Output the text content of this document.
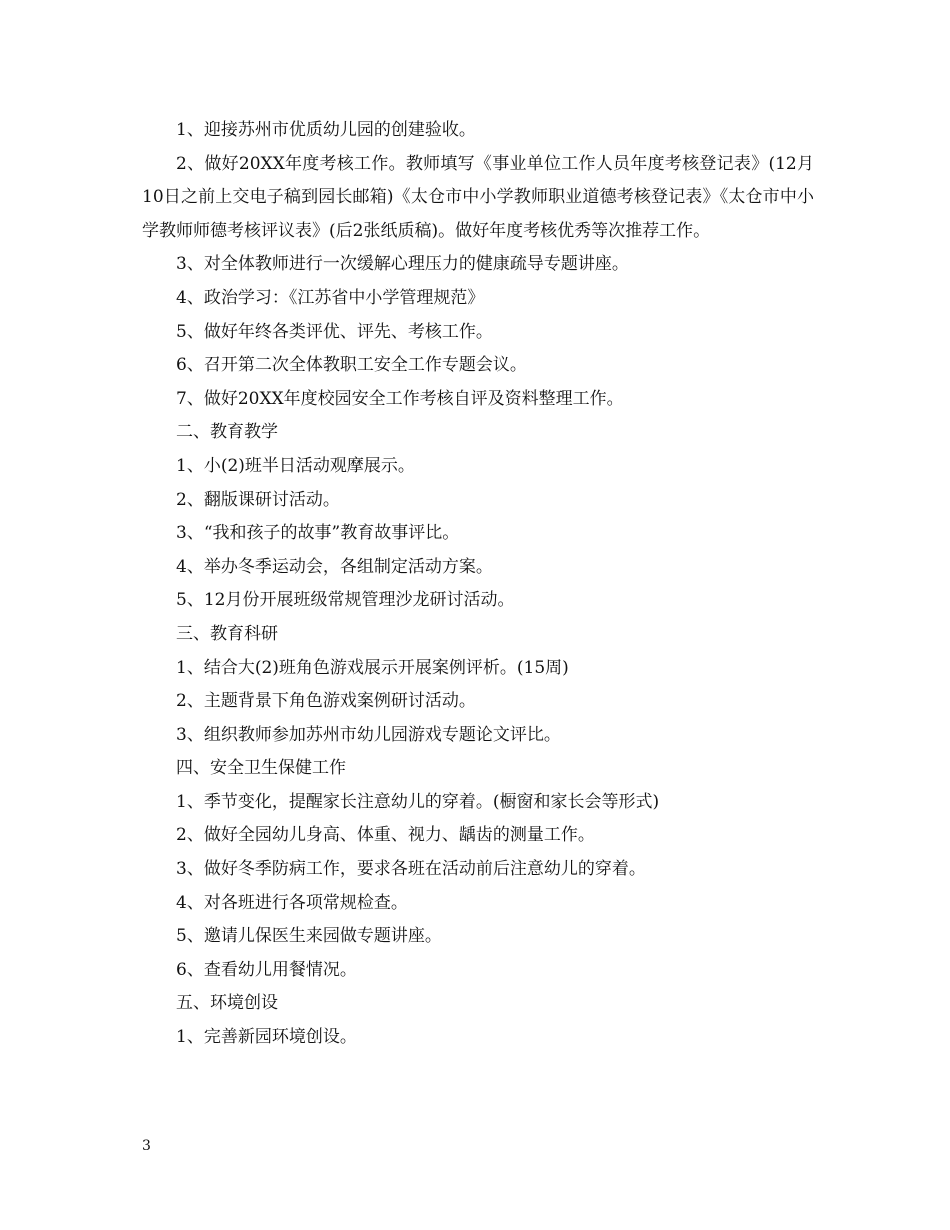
1、迎接苏州市优质幼儿园的创建验收。

2、做好20XX年度考核工作。教师填写《事业单位工作人员年度考核登记表》(12月10日之前上交电子稿到园长邮箱)《太仓市中小学教师职业道德考核登记表》《太仓市中小学教师师德考核评议表》(后2张纸质稿)。做好年度考核优秀等次推荐工作。

3、对全体教师进行一次缓解心理压力的健康疏导专题讲座。

4、政治学习：《江苏省中小学管理规范》

5、做好年终各类评优、评先、考核工作。

6、召开第二次全体教职工安全工作专题会议。

7、做好20XX年度校园安全工作考核自评及资料整理工作。

二、教育教学

1、小(2)班半日活动观摩展示。

2、翻版课研讨活动。

3、“我和孩子的故事”教育故事评比。

4、举办冬季运动会，各组制定活动方案。

5、12月份开展班级常规管理沙龙研讨活动。

三、教育科研

1、结合大(2)班角色游戏展示开展案例评析。(15周)

2、主题背景下角色游戏案例研讨活动。

3、组织教师参加苏州市幼儿园游戏专题论文评比。

四、安全卫生保健工作

1、季节变化，提醒家长注意幼儿的穿着。(橱窗和家长会等形式)

2、做好全园幼儿身高、体重、视力、龋齿的测量工作。

3、做好冬季防病工作，要求各班在活动前后注意幼儿的穿着。

4、对各班进行各项常规检查。

5、邀请儿保医生来园做专题讲座。

6、查看幼儿用餐情况。

五、环境创设

1、完善新园环境创设。

3
